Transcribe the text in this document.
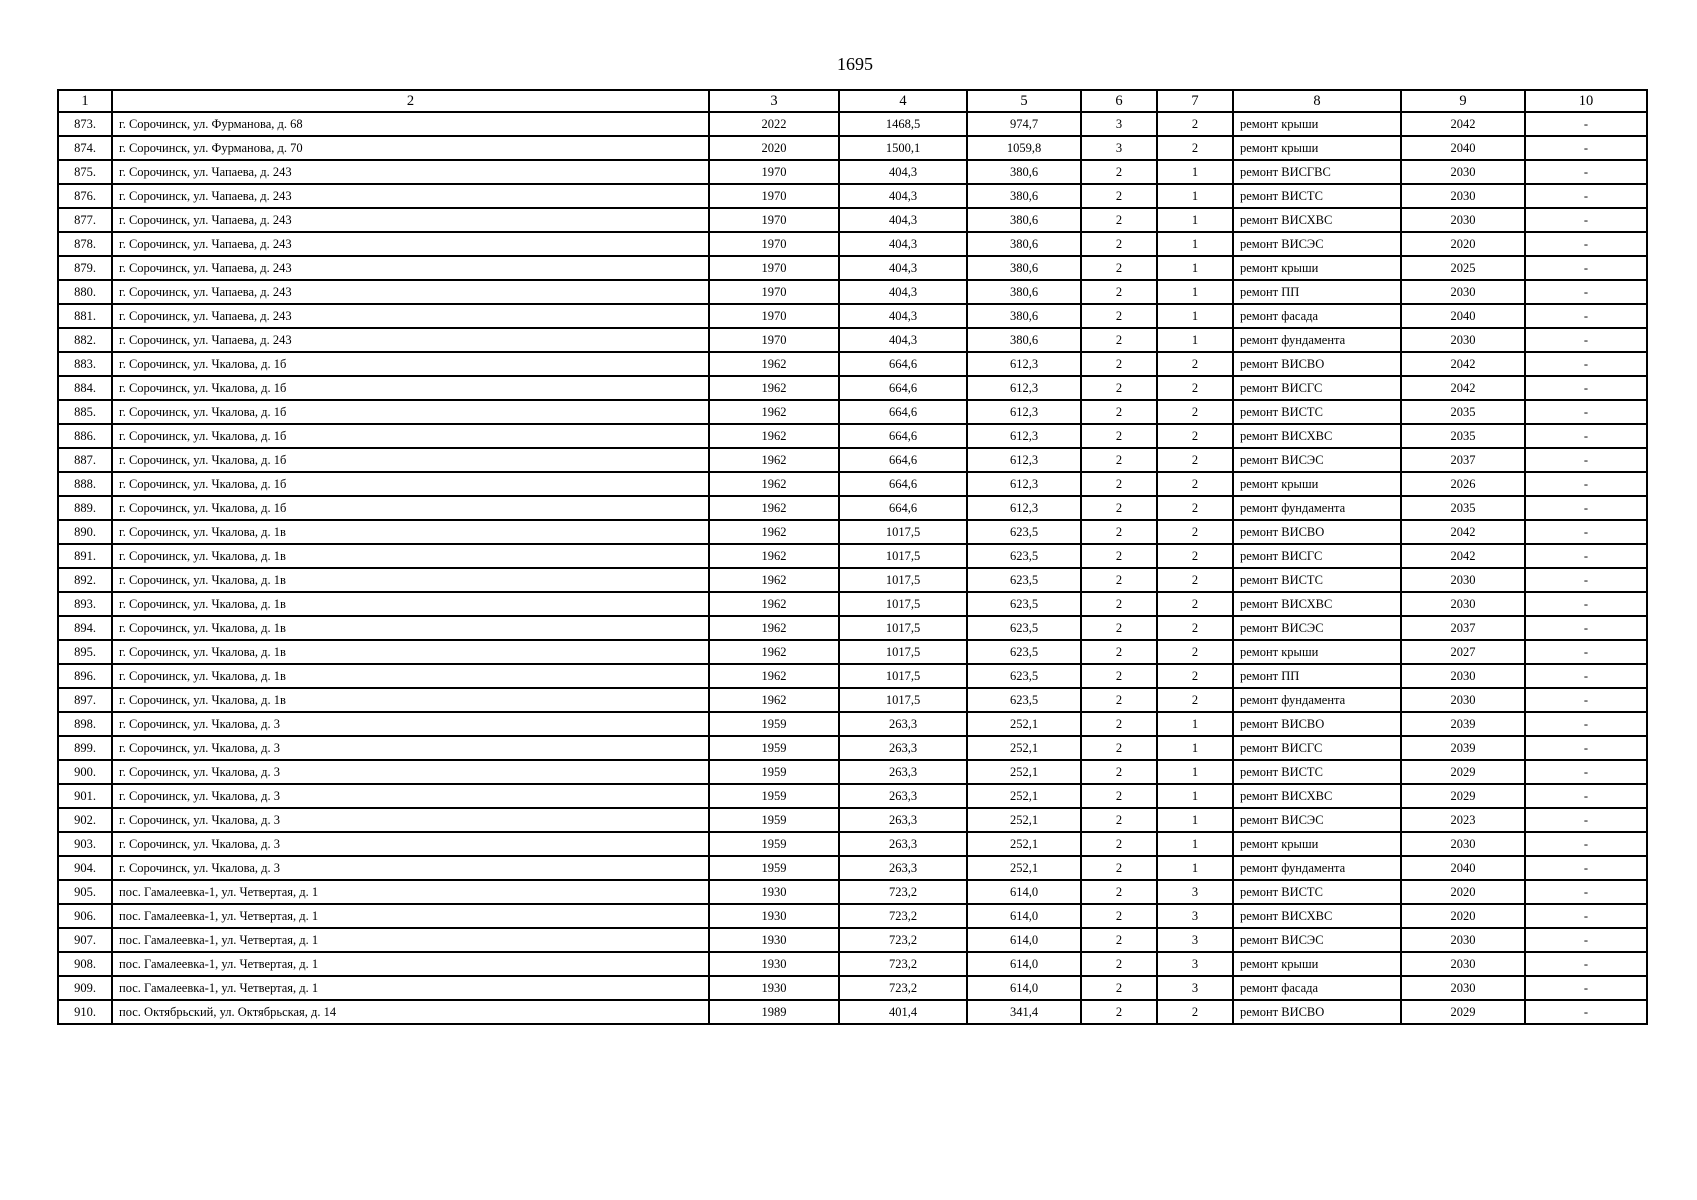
1695
1	2	3	4	5	6	7	8	9	10
873.	г. Сорочинск, ул. Фурманова, д. 68	2022	1468,5	974,7	3	2	ремонт крыши	2042	-
874.	г. Сорочинск, ул. Фурманова, д. 70	2020	1500,1	1059,8	3	2	ремонт крыши	2040	-
875.	г. Сорочинск, ул. Чапаева, д. 243	1970	404,3	380,6	2	1	ремонт ВИСГВС	2030	-
876.	г. Сорочинск, ул. Чапаева, д. 243	1970	404,3	380,6	2	1	ремонт ВИСТС	2030	-
877.	г. Сорочинск, ул. Чапаева, д. 243	1970	404,3	380,6	2	1	ремонт ВИСХВС	2030	-
878.	г. Сорочинск, ул. Чапаева, д. 243	1970	404,3	380,6	2	1	ремонт ВИСЭС	2020	-
879.	г. Сорочинск, ул. Чапаева, д. 243	1970	404,3	380,6	2	1	ремонт крыши	2025	-
880.	г. Сорочинск, ул. Чапаева, д. 243	1970	404,3	380,6	2	1	ремонт ПП	2030	-
881.	г. Сорочинск, ул. Чапаева, д. 243	1970	404,3	380,6	2	1	ремонт фасада	2040	-
882.	г. Сорочинск, ул. Чапаева, д. 243	1970	404,3	380,6	2	1	ремонт фундамента	2030	-
883.	г. Сорочинск, ул. Чкалова, д. 1б	1962	664,6	612,3	2	2	ремонт ВИСВО	2042	-
884.	г. Сорочинск, ул. Чкалова, д. 1б	1962	664,6	612,3	2	2	ремонт ВИСГС	2042	-
885.	г. Сорочинск, ул. Чкалова, д. 1б	1962	664,6	612,3	2	2	ремонт ВИСТС	2035	-
886.	г. Сорочинск, ул. Чкалова, д. 1б	1962	664,6	612,3	2	2	ремонт ВИСХВС	2035	-
887.	г. Сорочинск, ул. Чкалова, д. 1б	1962	664,6	612,3	2	2	ремонт ВИСЭС	2037	-
888.	г. Сорочинск, ул. Чкалова, д. 1б	1962	664,6	612,3	2	2	ремонт крыши	2026	-
889.	г. Сорочинск, ул. Чкалова, д. 1б	1962	664,6	612,3	2	2	ремонт фундамента	2035	-
890.	г. Сорочинск, ул. Чкалова, д. 1в	1962	1017,5	623,5	2	2	ремонт ВИСВО	2042	-
891.	г. Сорочинск, ул. Чкалова, д. 1в	1962	1017,5	623,5	2	2	ремонт ВИСГС	2042	-
892.	г. Сорочинск, ул. Чкалова, д. 1в	1962	1017,5	623,5	2	2	ремонт ВИСТС	2030	-
893.	г. Сорочинск, ул. Чкалова, д. 1в	1962	1017,5	623,5	2	2	ремонт ВИСХВС	2030	-
894.	г. Сорочинск, ул. Чкалова, д. 1в	1962	1017,5	623,5	2	2	ремонт ВИСЭС	2037	-
895.	г. Сорочинск, ул. Чкалова, д. 1в	1962	1017,5	623,5	2	2	ремонт крыши	2027	-
896.	г. Сорочинск, ул. Чкалова, д. 1в	1962	1017,5	623,5	2	2	ремонт ПП	2030	-
897.	г. Сорочинск, ул. Чкалова, д. 1в	1962	1017,5	623,5	2	2	ремонт фундамента	2030	-
898.	г. Сорочинск, ул. Чкалова, д. 3	1959	263,3	252,1	2	1	ремонт ВИСВО	2039	-
899.	г. Сорочинск, ул. Чкалова, д. 3	1959	263,3	252,1	2	1	ремонт ВИСГС	2039	-
900.	г. Сорочинск, ул. Чкалова, д. 3	1959	263,3	252,1	2	1	ремонт ВИСТС	2029	-
901.	г. Сорочинск, ул. Чкалова, д. 3	1959	263,3	252,1	2	1	ремонт ВИСХВС	2029	-
902.	г. Сорочинск, ул. Чкалова, д. 3	1959	263,3	252,1	2	1	ремонт ВИСЭС	2023	-
903.	г. Сорочинск, ул. Чкалова, д. 3	1959	263,3	252,1	2	1	ремонт крыши	2030	-
904.	г. Сорочинск, ул. Чкалова, д. 3	1959	263,3	252,1	2	1	ремонт фундамента	2040	-
905.	пос. Гамалеевка-1, ул. Четвертая, д. 1	1930	723,2	614,0	2	3	ремонт ВИСТС	2020	-
906.	пос. Гамалеевка-1, ул. Четвертая, д. 1	1930	723,2	614,0	2	3	ремонт ВИСХВС	2020	-
907.	пос. Гамалеевка-1, ул. Четвертая, д. 1	1930	723,2	614,0	2	3	ремонт ВИСЭС	2030	-
908.	пос. Гамалеевка-1, ул. Четвертая, д. 1	1930	723,2	614,0	2	3	ремонт крыши	2030	-
909.	пос. Гамалеевка-1, ул. Четвертая, д. 1	1930	723,2	614,0	2	3	ремонт фасада	2030	-
910.	пос. Октябрьский, ул. Октябрьская, д. 14	1989	401,4	341,4	2	2	ремонт ВИСВО	2029	-
